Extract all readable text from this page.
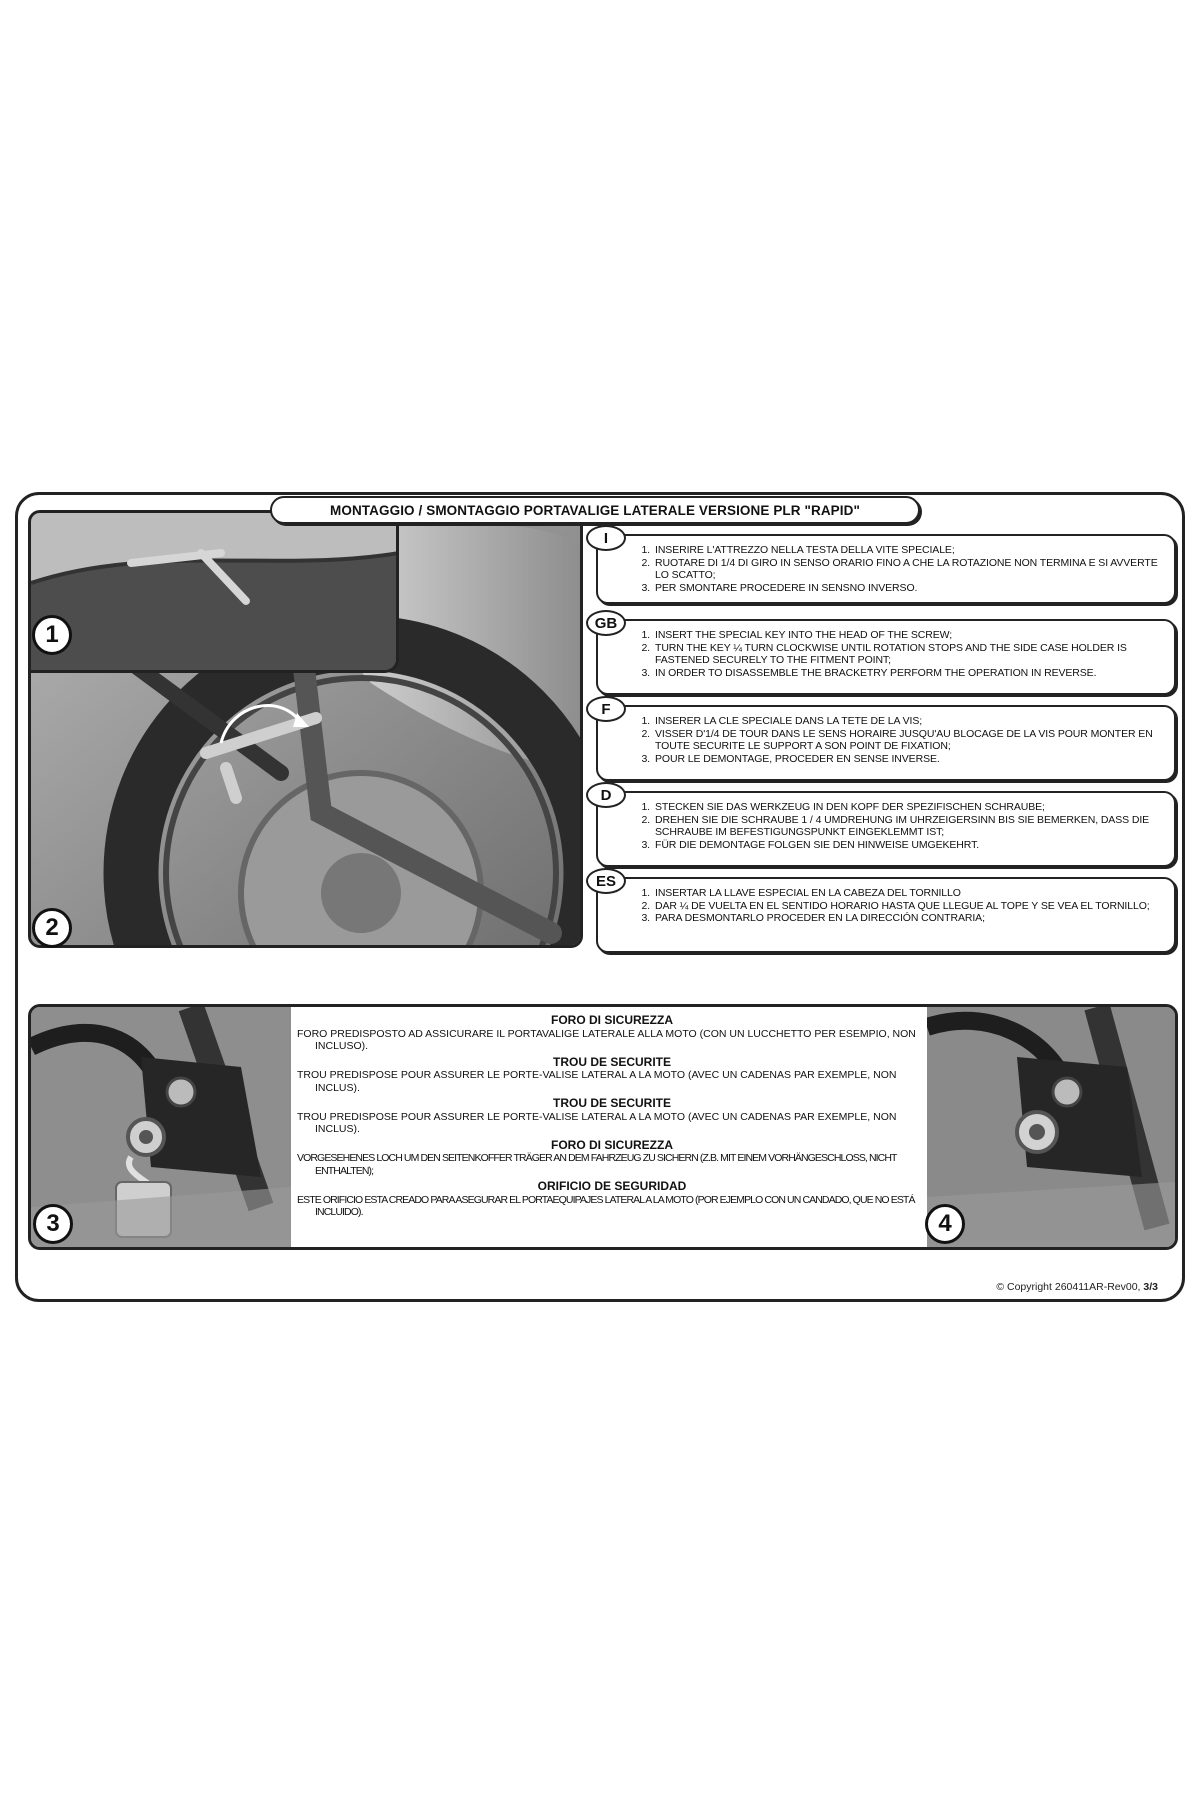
MONTAGGIO / SMONTAGGIO PORTAVALIGE LATERALE VERSIONE PLR "RAPID"
1
2
1. INSERIRE L'ATTREZZO NELLA TESTA DELLA VITE SPECIALE;
2. RUOTARE DI 1/4 DI GIRO IN SENSO ORARIO FINO A CHE LA ROTAZIONE NON TERMINA E SI AVVERTE LO SCATTO;
3. PER SMONTARE PROCEDERE IN SENSNO INVERSO.
I
1. INSERT THE SPECIAL KEY INTO THE HEAD OF THE SCREW;
2. TURN THE KEY ¼ TURN CLOCKWISE UNTIL ROTATION STOPS AND THE SIDE CASE HOLDER IS FASTENED SECURELY TO THE FITMENT POINT;
3. IN ORDER TO DISASSEMBLE THE BRACKETRY PERFORM THE OPERATION IN REVERSE.
GB
1. INSERER LA CLE SPECIALE DANS LA TETE DE LA VIS;
2. VISSER D'1/4 DE TOUR DANS LE SENS HORAIRE JUSQU'AU BLOCAGE DE LA VIS POUR MONTER EN TOUTE SECURITE LE SUPPORT A SON POINT DE FIXATION;
3. POUR LE DEMONTAGE, PROCEDER EN SENSE INVERSE.
F
1. STECKEN SIE DAS WERKZEUG IN DEN KOPF DER SPEZIFISCHEN SCHRAUBE;
2. DREHEN SIE DIE SCHRAUBE 1 / 4 UMDREHUNG IM UHRZEIGERSINN BIS SIE BEMERKEN, DASS DIE SCHRAUBE IM BEFESTIGUNGSPUNKT EINGEKLEMMT IST;
3. FÜR DIE DEMONTAGE FOLGEN SIE DEN HINWEISE UMGEKEHRT.
D
1. INSERTAR LA LLAVE ESPECIAL EN LA CABEZA DEL TORNILLO
2. DAR ¼ DE VUELTA EN EL SENTIDO HORARIO HASTA QUE LLEGUE AL TOPE Y SE VEA EL TORNILLO;
3. PARA DESMONTARLO PROCEDER EN LA DIRECCIÓN CONTRARIA;
ES
FORO DI SICUREZZA
FORO PREDISPOSTO AD ASSICURARE IL PORTAVALIGE LATERALE ALLA MOTO (CON UN LUCCHETTO PER ESEMPIO, NON INCLUSO).
TROU DE SECURITE
TROU PREDISPOSE POUR ASSURER LE PORTE-VALISE LATERAL A LA MOTO (AVEC UN CADENAS PAR EXEMPLE, NON INCLUS).
TROU DE SECURITE
TROU PREDISPOSE POUR ASSURER LE PORTE-VALISE LATERAL A LA MOTO (AVEC UN CADENAS PAR EXEMPLE, NON INCLUS).
FORO DI SICUREZZA
VORGESEHENES LOCH UM DEN SEITENKOFFER TRÄGER AN DEM FAHRZEUG ZU SICHERN (Z.B. MIT EINEM VORHÄNGESCHLOSS, NICHT ENTHALTEN);
ORIFICIO DE SEGURIDAD
ESTE ORIFICIO ESTA CREADO PARA ASEGURAR EL PORTAEQUIPAJES LATERAL A LA MOTO (POR EJEMPLO CON UN CANDADO, QUE NO ESTÁ INCLUIDO).
3	4
© Copyright 260411AR-Rev00, 3/3
